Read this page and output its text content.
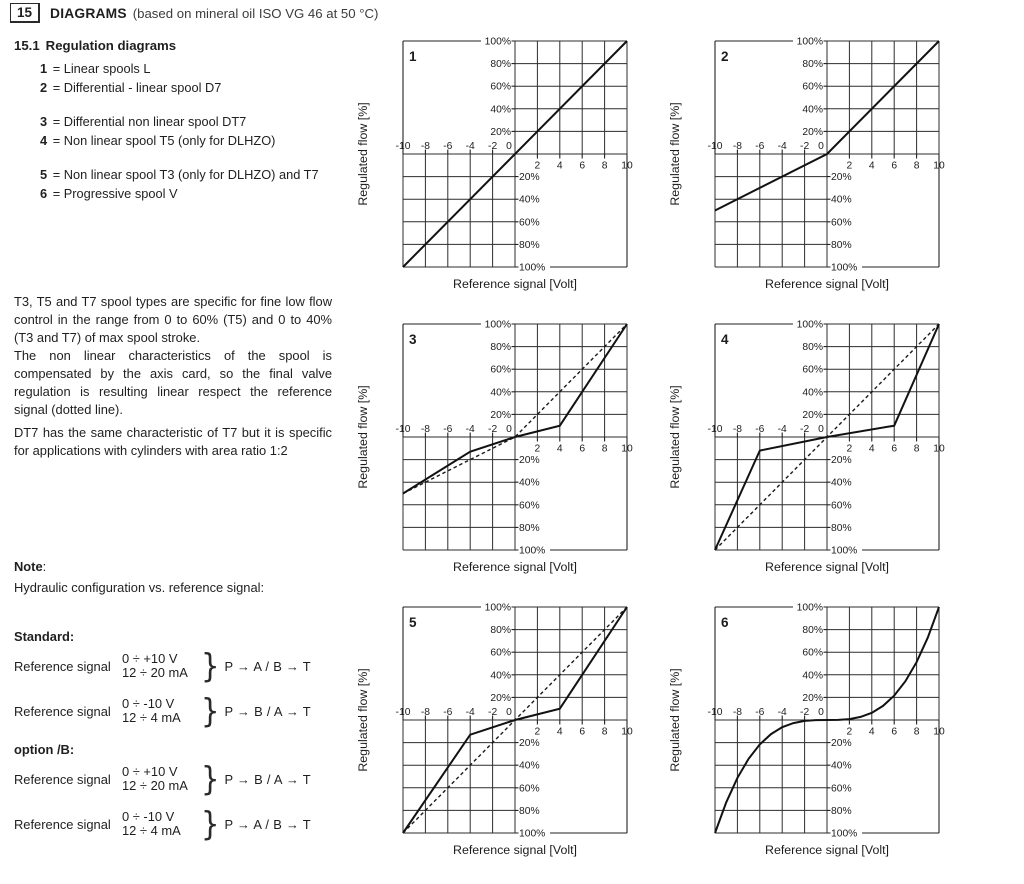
15	DIAGRAMS (based on mineral oil ISO VG 46 at 50 °C)
15.1 Regulation diagrams
1 = Linear spools L
2 = Differential - linear spool D7
3 = Differential non linear spool DT7
4 = Non linear spool T5 (only for DLHZO)
5 = Non linear spool T3 (only for DLHZO) and T7
6 = Progressive spool V

T3, T5 and T7 spool types are specific for fine low flow control in the range from 0 to 60% (T5) and 0 to 40% (T3 and T7) of max spool stroke.

The non linear characteristics of the spool is compensated by the axis card, so the final valve regulation is resulting linear respect the reference signal (dotted line).

DT7 has the same characteristic of T7 but it is specific for applications with cylinders with area ratio 1:2

Note:
Hydraulic configuration vs. reference signal:
Standard:
Reference signal
0 ÷ +10 V
12 ÷ 20 mA } P → A / B → T
Reference signal
0 ÷ -10 V
12 ÷ 4 mA } P → B / A → T
option /B:
Reference signal
0 ÷ +10 V
12 ÷ 20 mA } P → B / A → T
Reference signal
0 ÷ -10 V
12 ÷ 4 mA } P → A / B → T
-10 -8 -6 -4 -2 0
2 4 6 8 10
100%
80%
60%
40%
20%
20%
40%
60%
80%
100%
1
Reference signal [Volt]
Regulated flow [%]	-10 -8 -6 -4 -2 0
2 4 6 8 10
100%
80%
60%
40%
20%
20%
40%
60%
80%
100%
2
Reference signal [Volt]
Regulated flow [%]
-10 -8 -6 -4 -2 0
2 4 6 8 10
100%
80%
60%
40%
20%
20%
40%
60%
80%
100%
3
Reference signal [Volt]
Regulated flow [%]	-10 -8 -6 -4 -2 0
2 4 6 8 10
100%
80%
60%
40%
20%
20%
40%
60%
80%
100%
4
Reference signal [Volt]
Regulated flow [%]
-10 -8 -6 -4 -2 0
2 4 6 8 10
100%
80%
60%
40%
20%
20%
40%
60%
80%
100%
5
Reference signal [Volt]
Regulated flow [%]	-10 -8 -6 -4 -2 0
2 4 6 8 10
100%
80%
60%
40%
20%
20%
40%
60%
80%
100%
6
Reference signal [Volt]
Regulated flow [%]
